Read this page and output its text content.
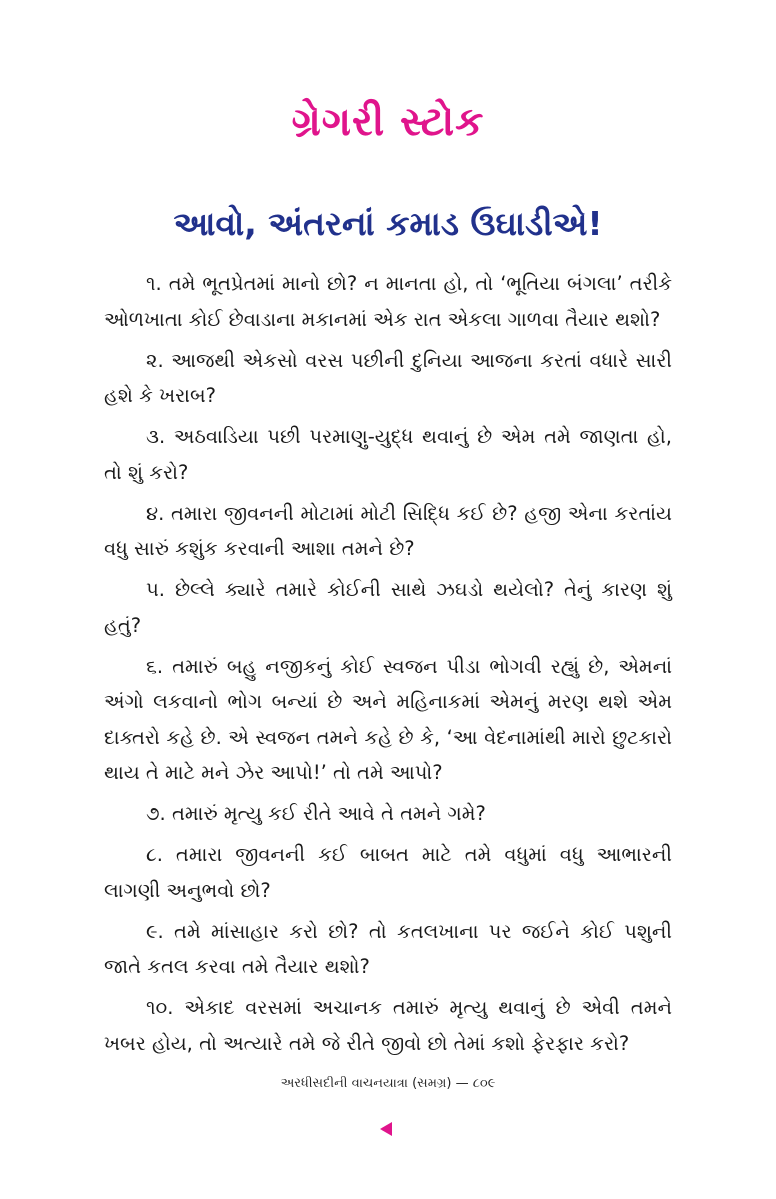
ગ્રેગરી સ્ટોક
આવો, અંતરનાં કમાડ ઉઘાડીએ!

૧. તમે ભૂતપ્રેતમાં માનો છો? ન માનતા હો, તો ‘ભૂતિયા બંગલા’ તરીકે ઓળખાતા કોઈ છેવાડાના મકાનમાં એક રાત એકલા ગાળવા તૈયાર થશો?

૨. આજથી એકસો વરસ પછીની દુનિયા આજના કરતાં વધારે સારી હશે કે ખરાબ?

૩. અઠવાડિયા પછી પરમાણુ-યુદ્ધ થવાનું છે એમ તમે જાણતા હો, તો શું કરો?

૪. તમારા જીવનની મોટામાં મોટી સિદ્ધિ કઈ છે? હજી એના કરતાંય વધુ સારું કશુંક કરવાની આશા તમને છે?

૫. છેલ્લે ક્યારે તમારે કોઈની સાથે ઝઘડો થયેલો? તેનું કારણ શું હતું?

૬. તમારું બહુ નજીકનું કોઈ સ્વજન પીડા ભોગવી રહ્યું છે, એમનાં અંગો લકવાનો ભોગ બન્યાં છે અને મહિનાકમાં એમનું મરણ થશે એમ દાક્તરો કહે છે. એ સ્વજન તમને કહે છે કે, ‘આ વેદનામાંથી મારો છુટકારો થાય તે માટે મને ઝેર આપો!’ તો તમે આપો?

૭. તમારું મૃત્યુ કઈ રીતે આવે તે તમને ગમે?

૮. તમારા જીવનની કઈ બાબત માટે તમે વધુમાં વધુ આભારની લાગણી અનુભવો છો?

૯. તમે માંસાહાર કરો છો? તો કતલખાના પર જઈને કોઈ પશુની જાતે કતલ કરવા તમે તૈયાર થશો?

૧૦. એકાદ વરસમાં અચાનક તમારું મૃત્યુ થવાનું છે એવી તમને ખબર હોય, તો અત્યારે તમે જે રીતે જીવો છો તેમાં કશો ફેરફાર કરો?

અરધીસદીની વાચનયાત્રા (સમગ્ર) — ૮૦૯
